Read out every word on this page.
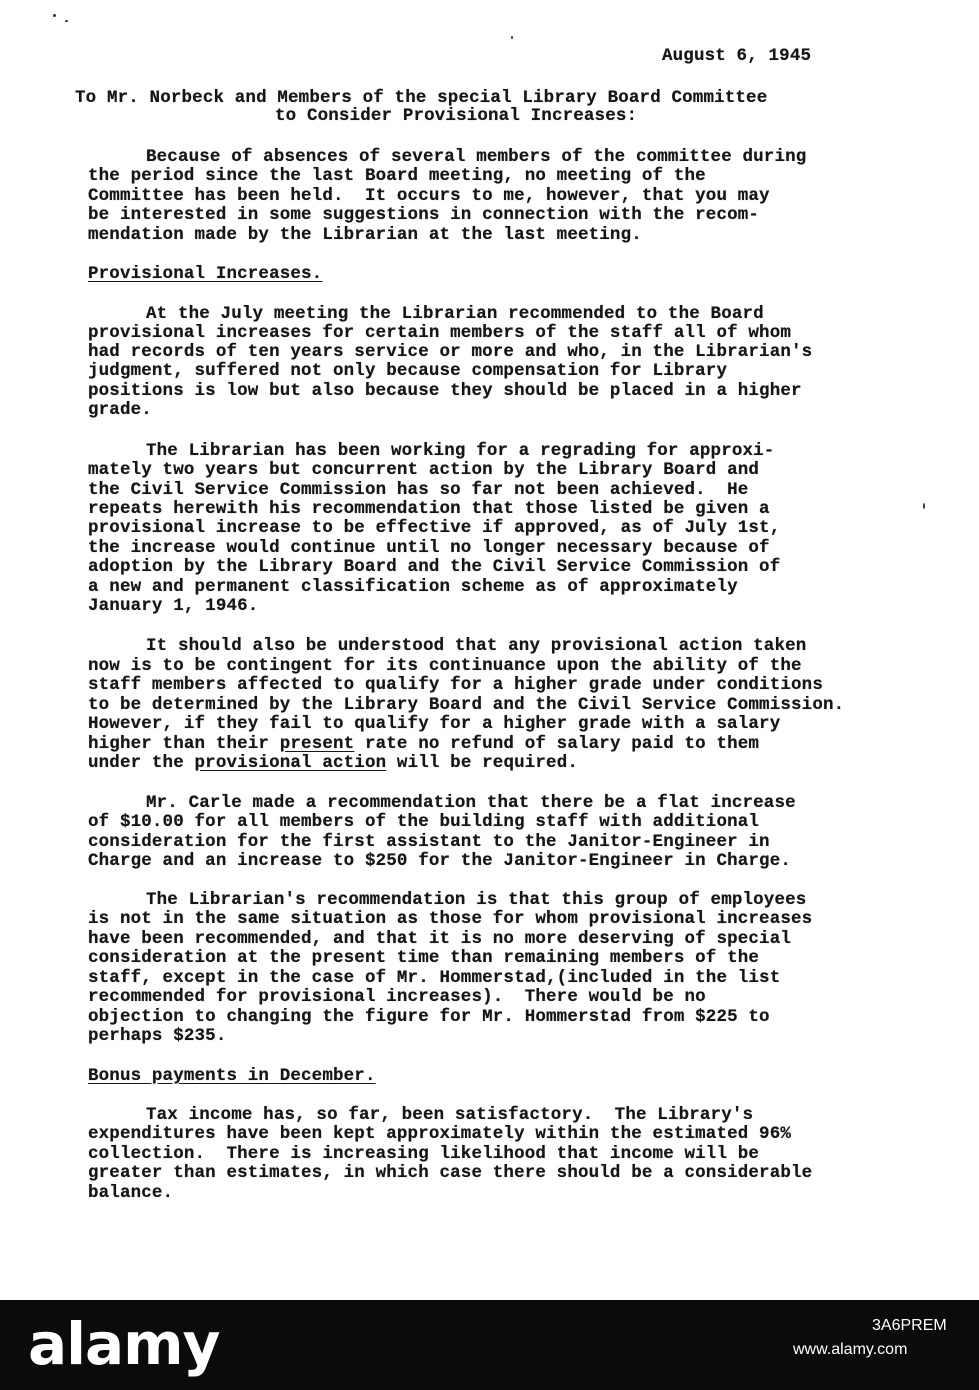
August 6, 1945
To Mr. Norbeck and Members of the special Library Board Committee
to Consider Provisional Increases:
Because of absences of several members of the committee during
the period since the last Board meeting, no meeting of the
Committee has been held.  It occurs to me, however, that you may
be interested in some suggestions in connection with the recom-
mendation made by the Librarian at the last meeting.
Provisional Increases.
At the July meeting the Librarian recommended to the Board
provisional increases for certain members of the staff all of whom
had records of ten years service or more and who, in the Librarian's
judgment, suffered not only because compensation for Library
positions is low but also because they should be placed in a higher
grade.
The Librarian has been working for a regrading for approxi-
mately two years but concurrent action by the Library Board and
the Civil Service Commission has so far not been achieved.  He
repeats herewith his recommendation that those listed be given a
provisional increase to be effective if approved, as of July 1st,
the increase would continue until no longer necessary because of
adoption by the Library Board and the Civil Service Commission of
a new and permanent classification scheme as of approximately
January 1, 1946.
It should also be understood that any provisional action taken
now is to be contingent for its continuance upon the ability of the
staff members affected to qualify for a higher grade under conditions
to be determined by the Library Board and the Civil Service Commission.
However, if they fail to qualify for a higher grade with a salary
higher than their present rate no refund of salary paid to them
under the provisional action will be required.
Mr. Carle made a recommendation that there be a flat increase
of $10.00 for all members of the building staff with additional
consideration for the first assistant to the Janitor-Engineer in
Charge and an increase to $250 for the Janitor-Engineer in Charge.
The Librarian's recommendation is that this group of employees
is not in the same situation as those for whom provisional increases
have been recommended, and that it is no more deserving of special
consideration at the present time than remaining members of the
staff, except in the case of Mr. Hommerstad,(included in the list
recommended for provisional increases).  There would be no
objection to changing the figure for Mr. Hommerstad from $225 to
perhaps $235.
Bonus payments in December.
Tax income has, so far, been satisfactory.  The Library's
expenditures have been kept approximately within the estimated 96%
collection.  There is increasing likelihood that income will be
greater than estimates, in which case there should be a considerable
balance.
alamy	3A6PREM
www.alamy.com
